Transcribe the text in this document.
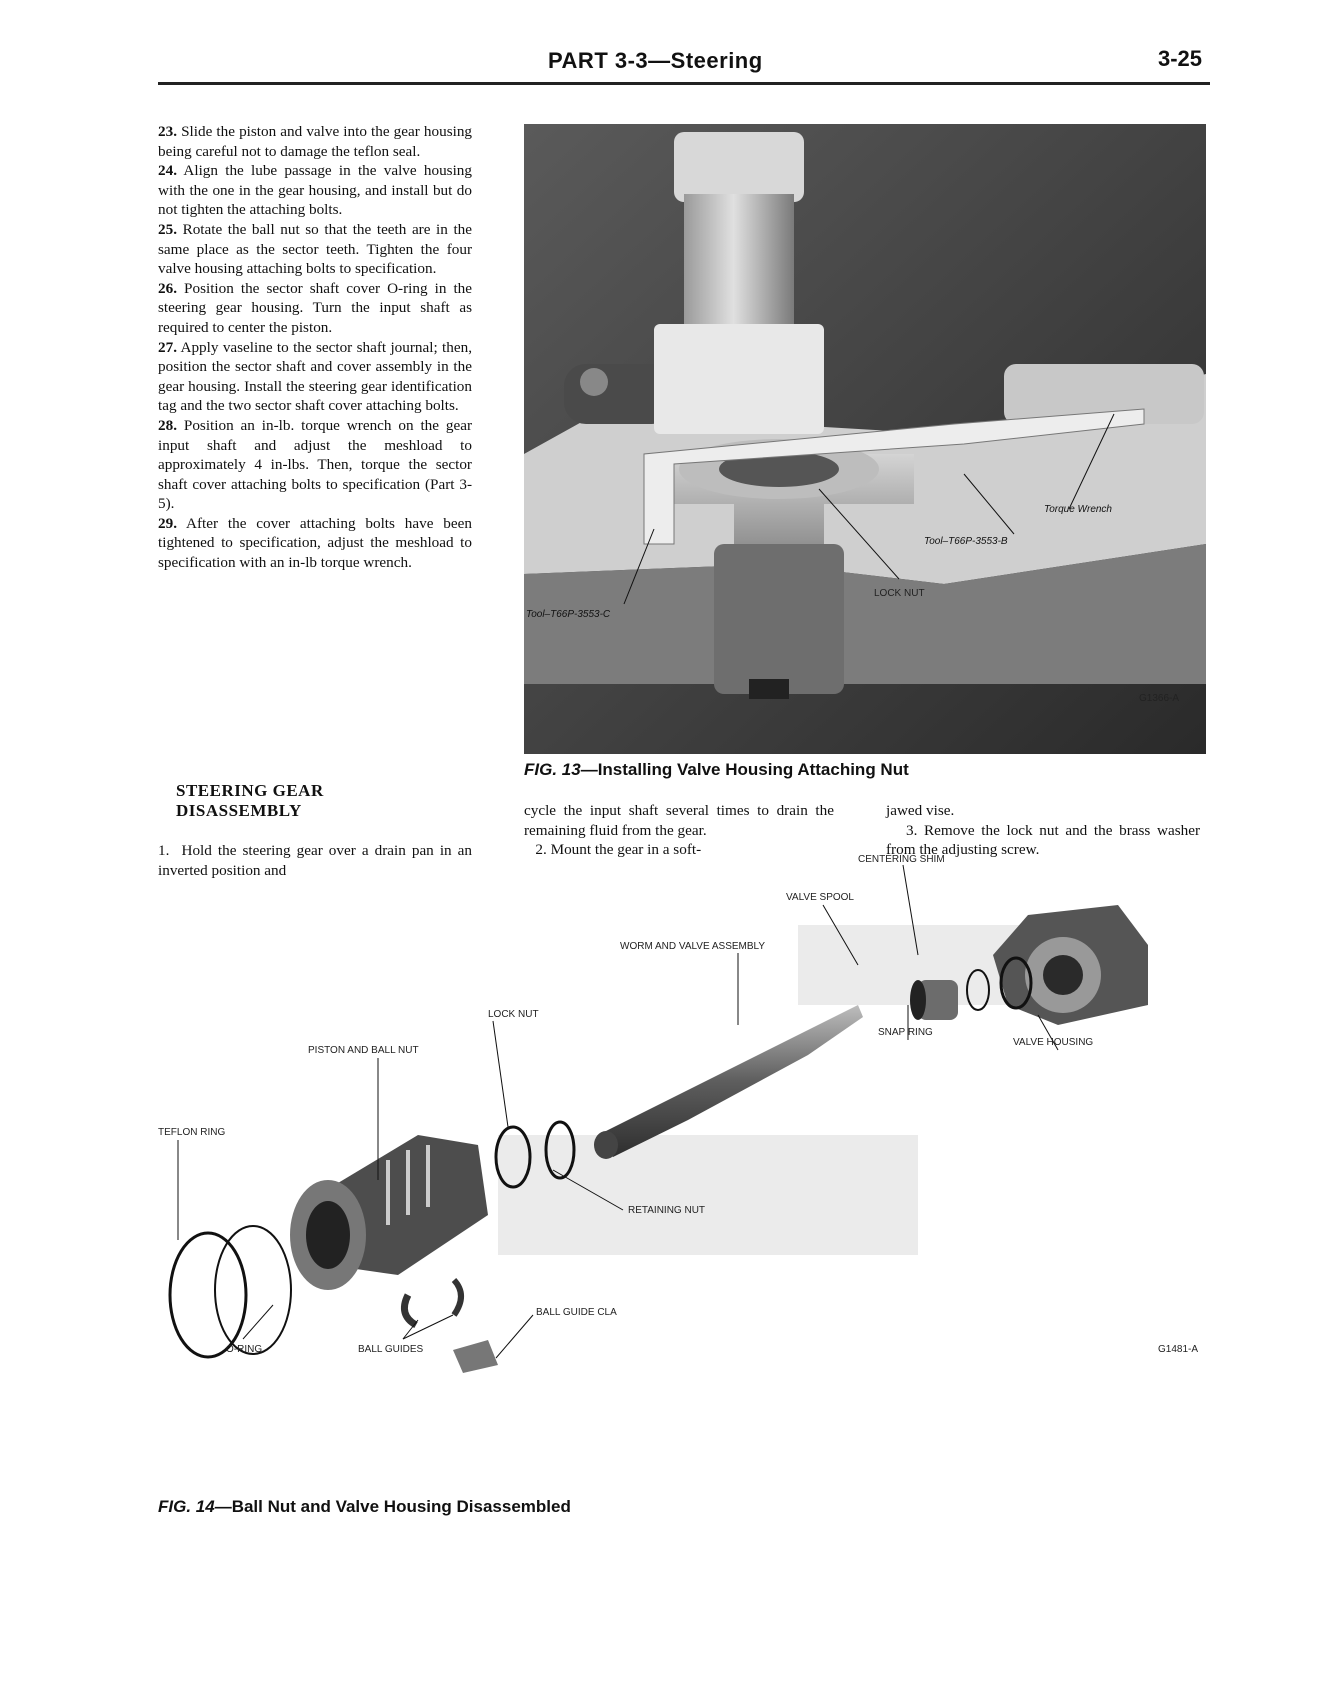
PART 3-3—Steering	3-25

23. Slide the piston and valve into the gear housing being careful not to damage the teflon seal.

24. Align the lube passage in the valve housing with the one in the gear housing, and install but do not tighten the attaching bolts.

25. Rotate the ball nut so that the teeth are in the same place as the sector teeth. Tighten the four valve housing attaching bolts to specification.

26. Position the sector shaft cover O-ring in the steering gear housing. Turn the input shaft as required to center the piston.

27. Apply vaseline to the sector shaft journal; then, position the sector shaft and cover assembly in the gear housing. Install the steering gear identification tag and the two sector shaft cover attaching bolts.

28. Position an in-lb. torque wrench on the gear input shaft and adjust the meshload to approximately 4 in-lbs. Then, torque the sector shaft cover attaching bolts to specification (Part 3-5).

29. After the cover attaching bolts have been tightened to specification, adjust the meshload to specification with an in-lb torque wrench.

STEERING GEAR
DISASSEMBLY
1. Hold the steering gear over a drain pan in an inverted position and
Torque Wrench
Tool–T66P-3553-B
LOCK NUT
Tool–T66P-3553-C
G1366-A
FIG. 13—Installing Valve Housing Attaching Nut

cycle the input shaft several times to drain the remaining fluid from the gear.

2. Mount the gear in a soft-

jawed vise.

3. Remove the lock nut and the brass washer from the adjusting screw.

CENTERING SHIM
VALVE SPOOL
WORM AND VALVE ASSEMBLY
LOCK NUT
SNAP RING
VALVE HOUSING
PISTON AND BALL NUT
TEFLON RING
RETAINING NUT
BALL GUIDE CLA
O-RING	BALL GUIDES	G1481-A
FIG. 14—Ball Nut and Valve Housing Disassembled
